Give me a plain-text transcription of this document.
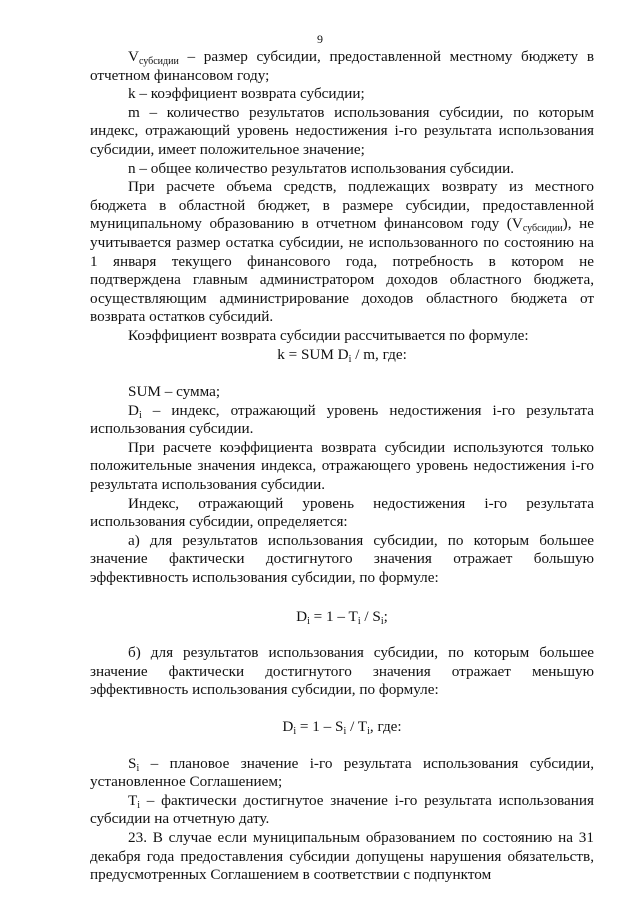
9

$V_{субсидии}$ – размер субсидии, предоставленной местному бюджету в отчетном финансовом году;

k – коэффициент возврата субсидии;

m – количество результатов использования субсидии, по которым индекс, отражающий уровень недостижения i-го результата использования субсидии, имеет положительное значение;

n – общее количество результатов использования субсидии.

При расчете объема средств, подлежащих возврату из местного бюджета в областной бюджет, в размере субсидии, предоставленной муниципальному образованию в отчетном финансовом году $(V_{субсидии})$, не учитывается размер остатка субсидии, не использованного по состоянию на 1 января текущего финансового года, потребность в котором не подтверждена главным администратором доходов областного бюджета, осуществляющим администрирование доходов областного бюджета от возврата остатков субсидий.

Коэффициент возврата субсидии рассчитывается по формуле:

k = SUM $D_i$ / m, где:

SUM – сумма;

$D_i$ – индекс, отражающий уровень недостижения i-го результата использования субсидии.

При расчете коэффициента возврата субсидии используются только положительные значения индекса, отражающего уровень недостижения i-го результата использования субсидии.

Индекс, отражающий уровень недостижения i-го результата использования субсидии, определяется:

а) для результатов использования субсидии, по которым большее значение фактически достигнутого значения отражает большую эффективность использования субсидии, по формуле:

$D_i = 1 - T_i / S_i$;

б) для результатов использования субсидии, по которым большее значение фактически достигнутого значения отражает меньшую эффективность использования субсидии, по формуле:

$D_i = 1 - S_i / T_i$, где:

$S_i$ – плановое значение i-го результата использования субсидии, установленное Соглашением;

$T_i$ – фактически достигнутое значение i-го результата использования субсидии на отчетную дату.

23. В случае если муниципальным образованием по состоянию на 31 декабря года предоставления субсидии допущены нарушения обязательств, предусмотренных Соглашением в соответствии с подпунктом
